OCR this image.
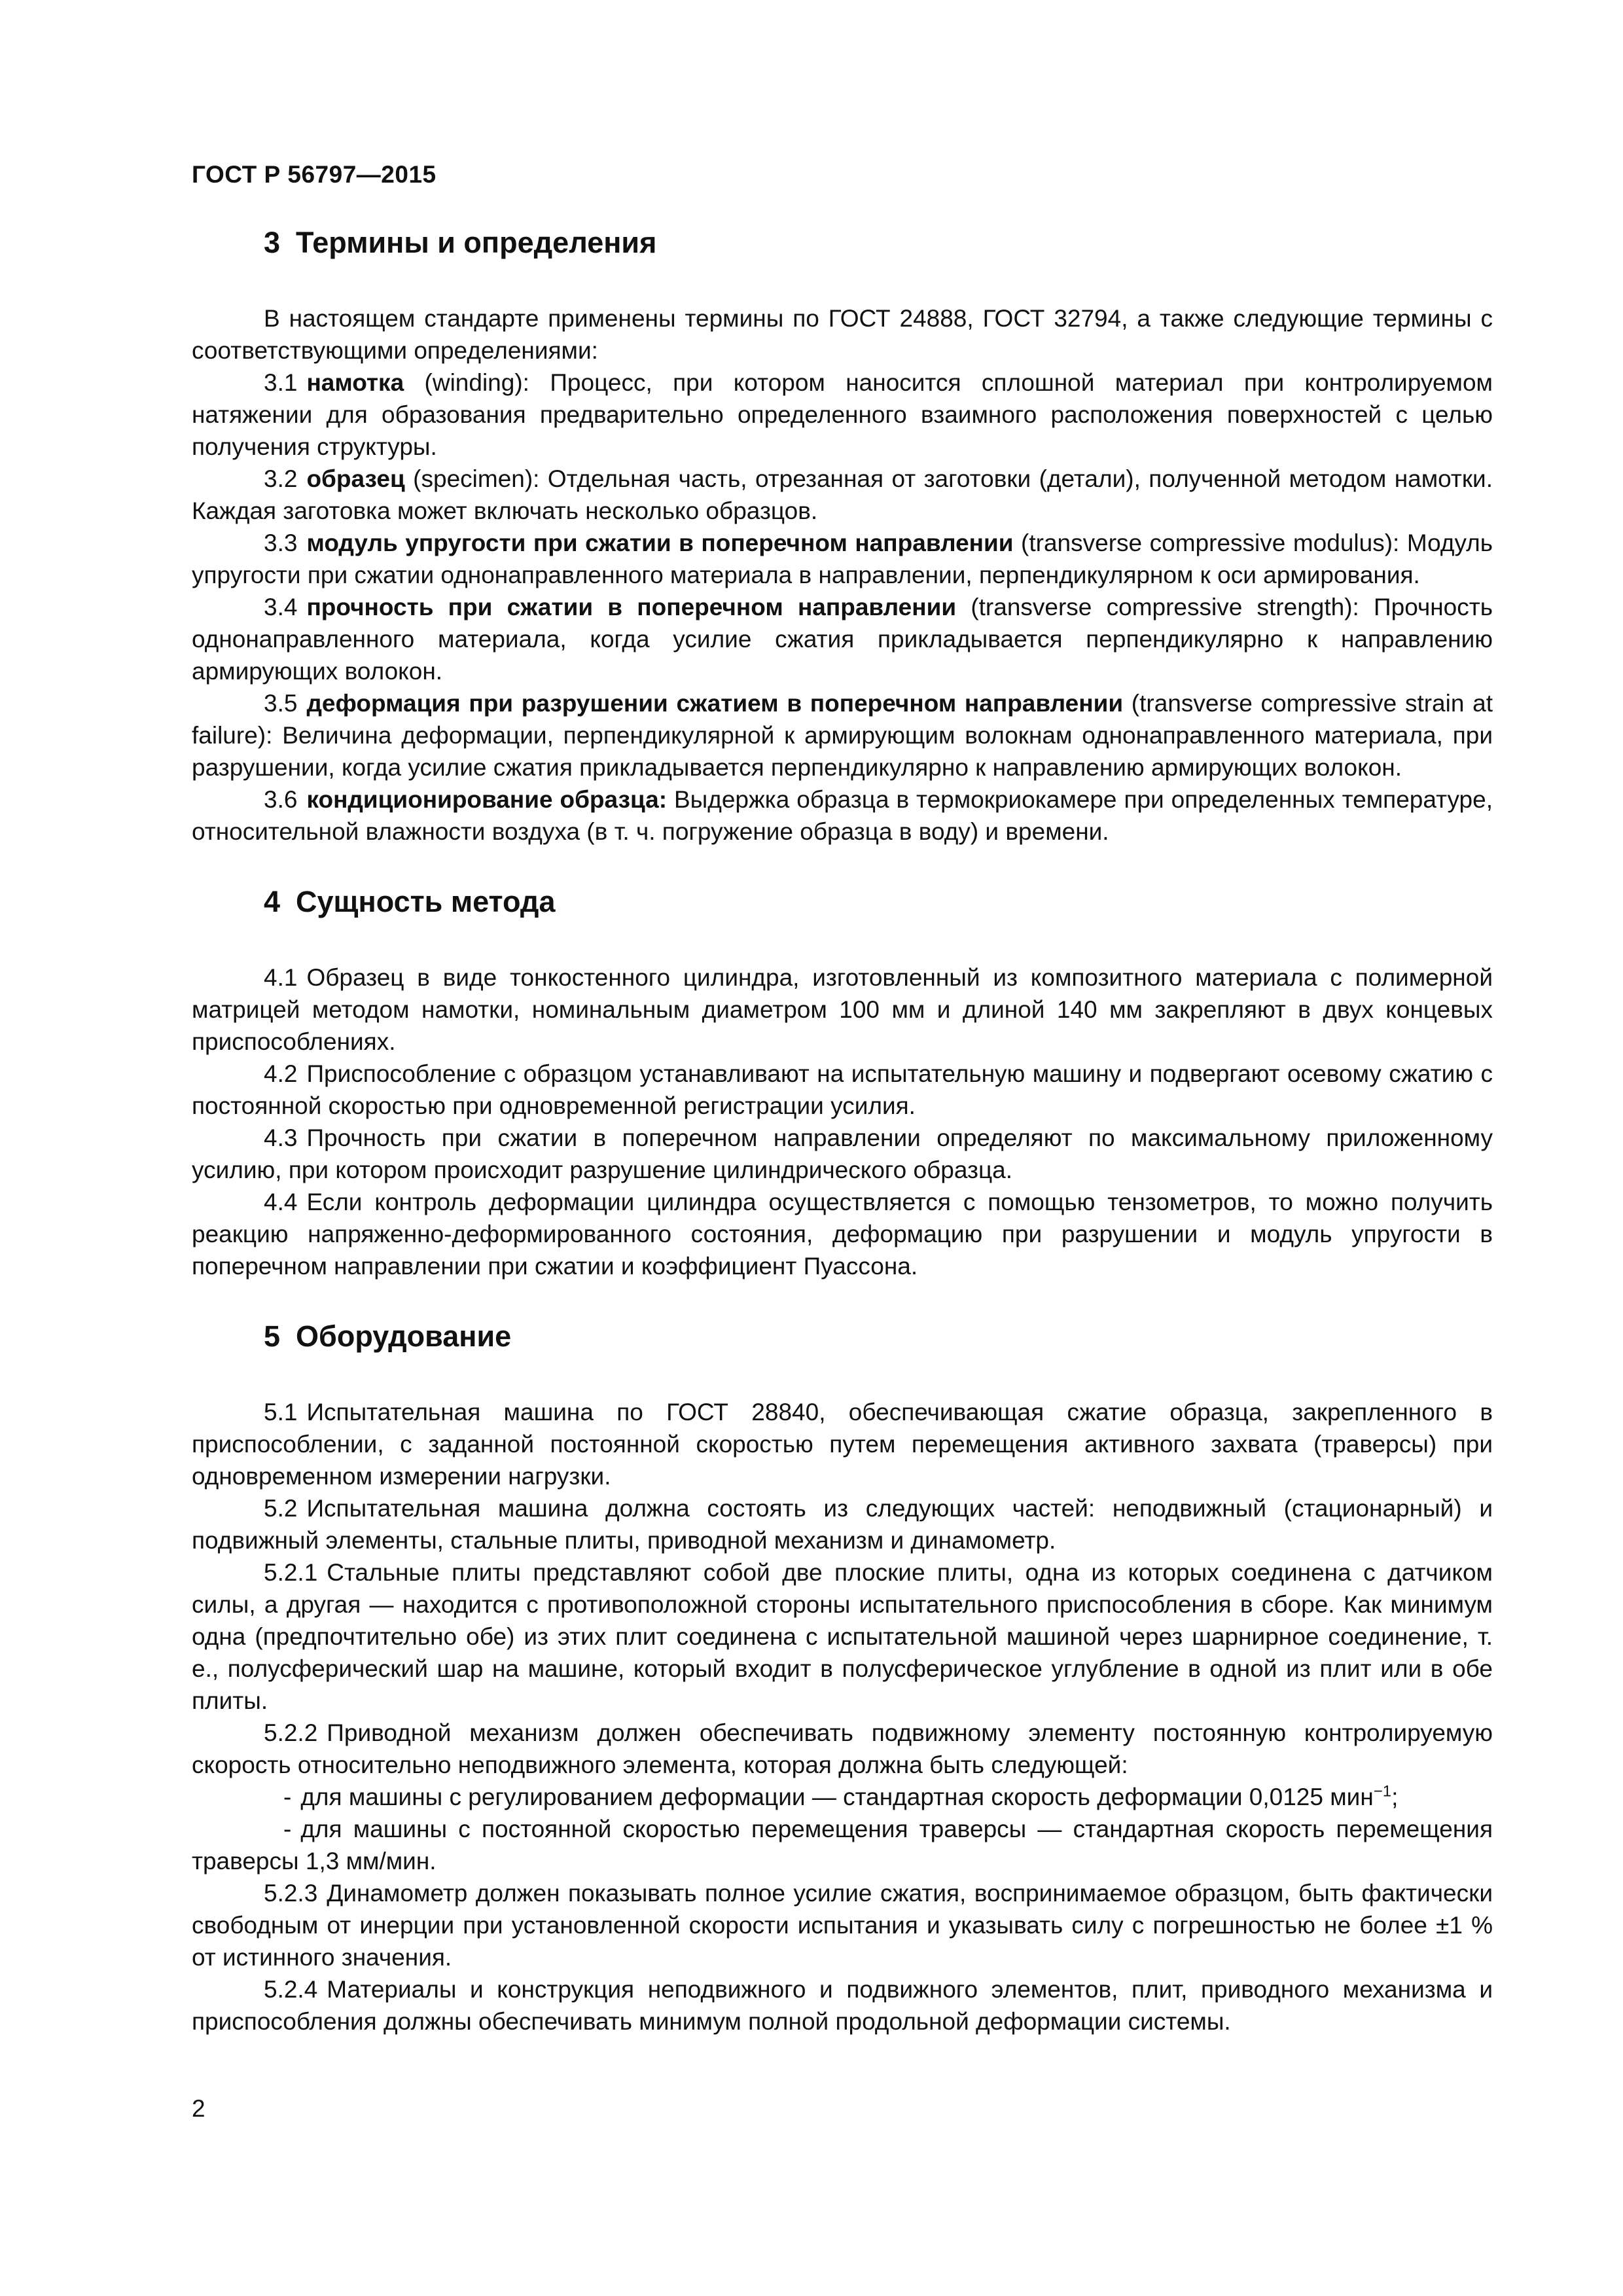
ГОСТ Р 56797—2015
3 Термины и определения

В настоящем стандарте применены термины по ГОСТ 24888, ГОСТ 32794, а также следующие термины с соответствующими определениями:

3.1 намотка (winding): Процесс, при котором наносится сплошной материал при контролируемом натяжении для образования предварительно определенного взаимного расположения поверхностей с целью получения структуры.

3.2 образец (specimen): Отдельная часть, отрезанная от заготовки (детали), полученной методом намотки. Каждая заготовка может включать несколько образцов.

3.3 модуль упругости при сжатии в поперечном направлении (transverse compressive modulus): Модуль упругости при сжатии однонаправленного материала в направлении, перпендикулярном к оси армирования.

3.4 прочность при сжатии в поперечном направлении (transverse compressive strength): Прочность однонаправленного материала, когда усилие сжатия прикладывается перпендикулярно к направлению армирующих волокон.

3.5 деформация при разрушении сжатием в поперечном направлении (transverse compressive strain at failure): Величина деформации, перпендикулярной к армирующим волокнам однонаправленного материала, при разрушении, когда усилие сжатия прикладывается перпендикулярно к направлению армирующих волокон.

3.6 кондиционирование образца: Выдержка образца в термокриокамере при определенных температуре, относительной влажности воздуха (в т. ч. погружение образца в воду) и времени.

4 Сущность метода

4.1 Образец в виде тонкостенного цилиндра, изготовленный из композитного материала с полимерной матрицей методом намотки, номинальным диаметром 100 мм и длиной 140 мм закрепляют в двух концевых приспособлениях.

4.2 Приспособление с образцом устанавливают на испытательную машину и подвергают осевому сжатию с постоянной скоростью при одновременной регистрации усилия.

4.3 Прочность при сжатии в поперечном направлении определяют по максимальному приложенному усилию, при котором происходит разрушение цилиндрического образца.

4.4 Если контроль деформации цилиндра осуществляется с помощью тензометров, то можно получить реакцию напряженно-деформированного состояния, деформацию при разрушении и модуль упругости в поперечном направлении при сжатии и коэффициент Пуассона.

5 Оборудование

5.1 Испытательная машина по ГОСТ 28840, обеспечивающая сжатие образца, закрепленного в приспособлении, с заданной постоянной скоростью путем перемещения активного захвата (траверсы) при одновременном измерении нагрузки.

5.2 Испытательная машина должна состоять из следующих частей: неподвижный (стационарный) и подвижный элементы, стальные плиты, приводной механизм и динамометр.

5.2.1 Стальные плиты представляют собой две плоские плиты, одна из которых соединена с датчиком силы, а другая — находится с противоположной стороны испытательного приспособления в сборе. Как минимум одна (предпочтительно обе) из этих плит соединена с испытательной машиной через шарнирное соединение, т. е., полусферический шар на машине, который входит в полусферическое углубление в одной из плит или в обе плиты.

5.2.2 Приводной механизм должен обеспечивать подвижному элементу постоянную контролируемую скорость относительно неподвижного элемента, которая должна быть следующей:

- для машины с регулированием деформации — стандартная скорость деформации 0,0125 мин$^{-1}$;

- для машины с постоянной скоростью перемещения траверсы — стандартная скорость перемещения траверсы 1,3 мм/мин.

5.2.3 Динамометр должен показывать полное усилие сжатия, воспринимаемое образцом, быть фактически свободным от инерции при установленной скорости испытания и указывать силу с погрешностью не более ±1 % от истинного значения.

5.2.4 Материалы и конструкция неподвижного и подвижного элементов, плит, приводного механизма и приспособления должны обеспечивать минимум полной продольной деформации системы.

2
